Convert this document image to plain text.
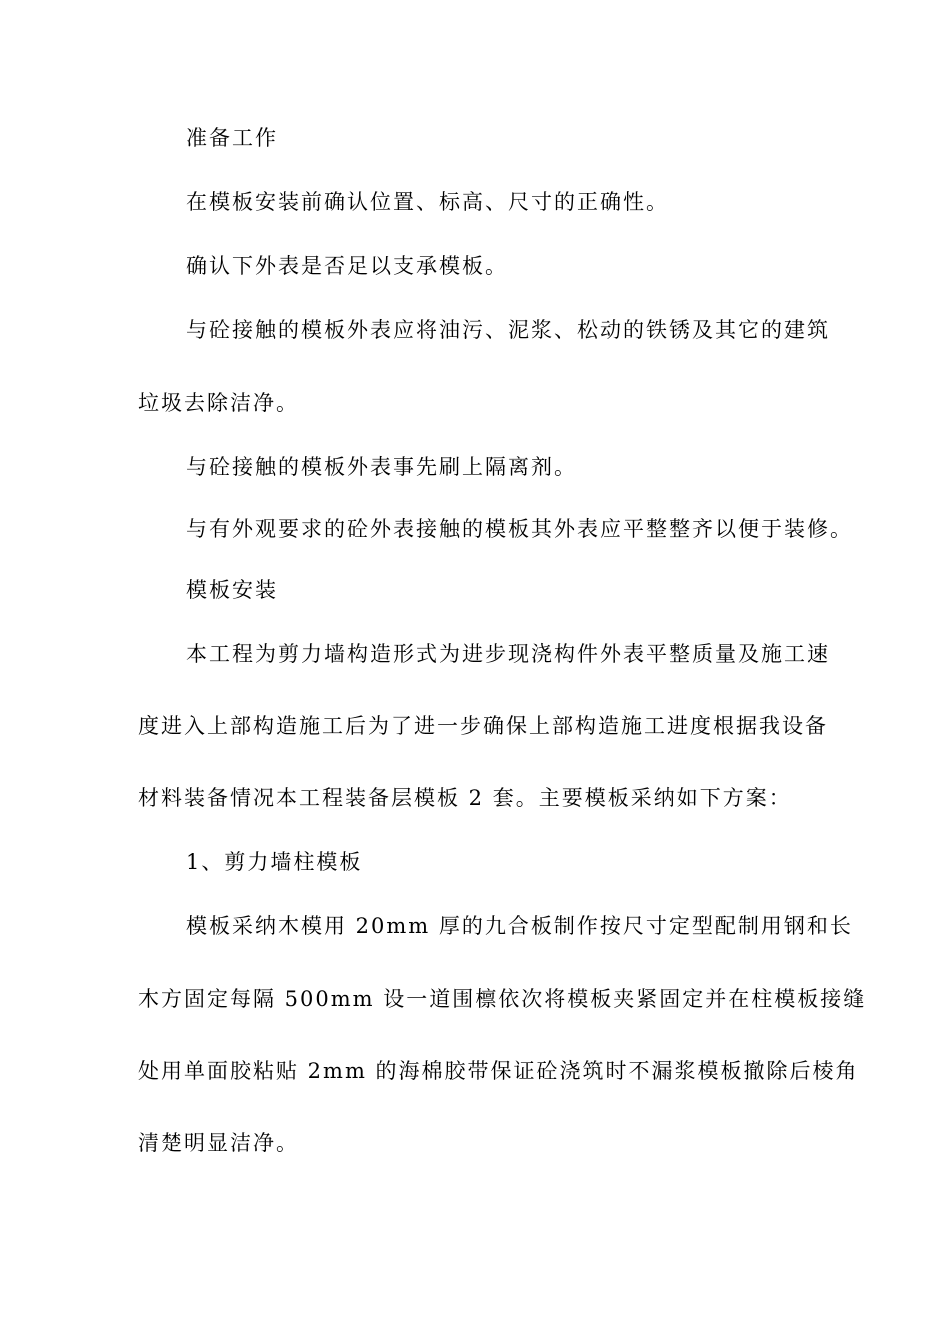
准备工作
在模板安装前确认位置、标高、尺寸的正确性。
确认下外表是否足以支承模板。
与砼接触的模板外表应将油污、泥浆、松动的铁锈及其它的建筑
垃圾去除洁净。
与砼接触的模板外表事先刷上隔离剂。
与有外观要求的砼外表接触的模板其外表应平整整齐以便于装修。
模板安装
本工程为剪力墙构造形式为进步现浇构件外表平整质量及施工速
度进入上部构造施工后为了进一步确保上部构造施工进度根据我设备
材料装备情况本工程装备层模板 2 套。主要模板采纳如下方案：
1、剪力墙柱模板
模板采纳木模用 20mm 厚的九合板制作按尺寸定型配制用钢和长
木方固定每隔 500mm 设一道围檩依次将模板夹紧固定并在柱模板接缝
处用单面胶粘贴 2mm 的海棉胶带保证砼浇筑时不漏浆模板撤除后棱角
清楚明显洁净。
